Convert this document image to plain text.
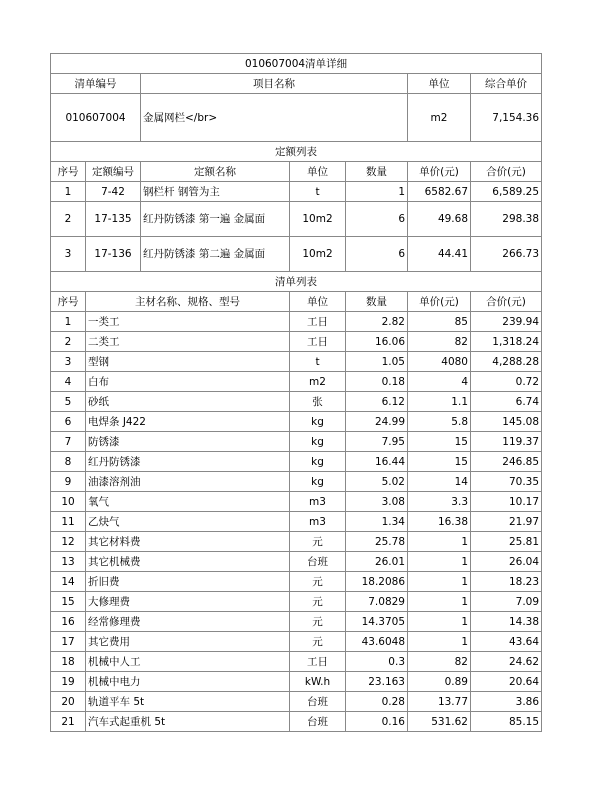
010607004清单详细						
清单编号		项目名称			单位	综合单价
010607004		金属网栏</br>			m2	7,154.36
定额列表						
序号	定额编号	定额名称	单位	数量	单价(元)	合价(元)
1	7-42	钢栏杆 钢管为主	t	1	6582.67	6,589.25
2	17-135	红丹防锈漆 第一遍 金属面	10m2	6	49.68	298.38
3	17-136	红丹防锈漆 第二遍 金属面	10m2	6	44.41	266.73
清单列表						
序号	主材名称、规格、型号		单位	数量	单价(元)	合价(元)
1	一类工		工日	2.82	85	239.94
2	二类工		工日	16.06	82	1,318.24
3	型钢		t	1.05	4080	4,288.28
4	白布		m2	0.18	4	0.72
5	砂纸		张	6.12	1.1	6.74
6	电焊条 J422		kg	24.99	5.8	145.08
7	防锈漆		kg	7.95	15	119.37
8	红丹防锈漆		kg	16.44	15	246.85
9	油漆溶剂油		kg	5.02	14	70.35
10	氧气		m3	3.08	3.3	10.17
11	乙炔气		m3	1.34	16.38	21.97
12	其它材料费		元	25.78	1	25.81
13	其它机械费		台班	26.01	1	26.04
14	折旧费		元	18.2086	1	18.23
15	大修理费		元	7.0829	1	7.09
16	经常修理费		元	14.3705	1	14.38
17	其它费用		元	43.6048	1	43.64
18	机械中人工		工日	0.3	82	24.62
19	机械中电力		kW.h	23.163	0.89	20.64
20	轨道平车 5t		台班	0.28	13.77	3.86
21	汽车式起重机 5t		台班	0.16	531.62	85.15
